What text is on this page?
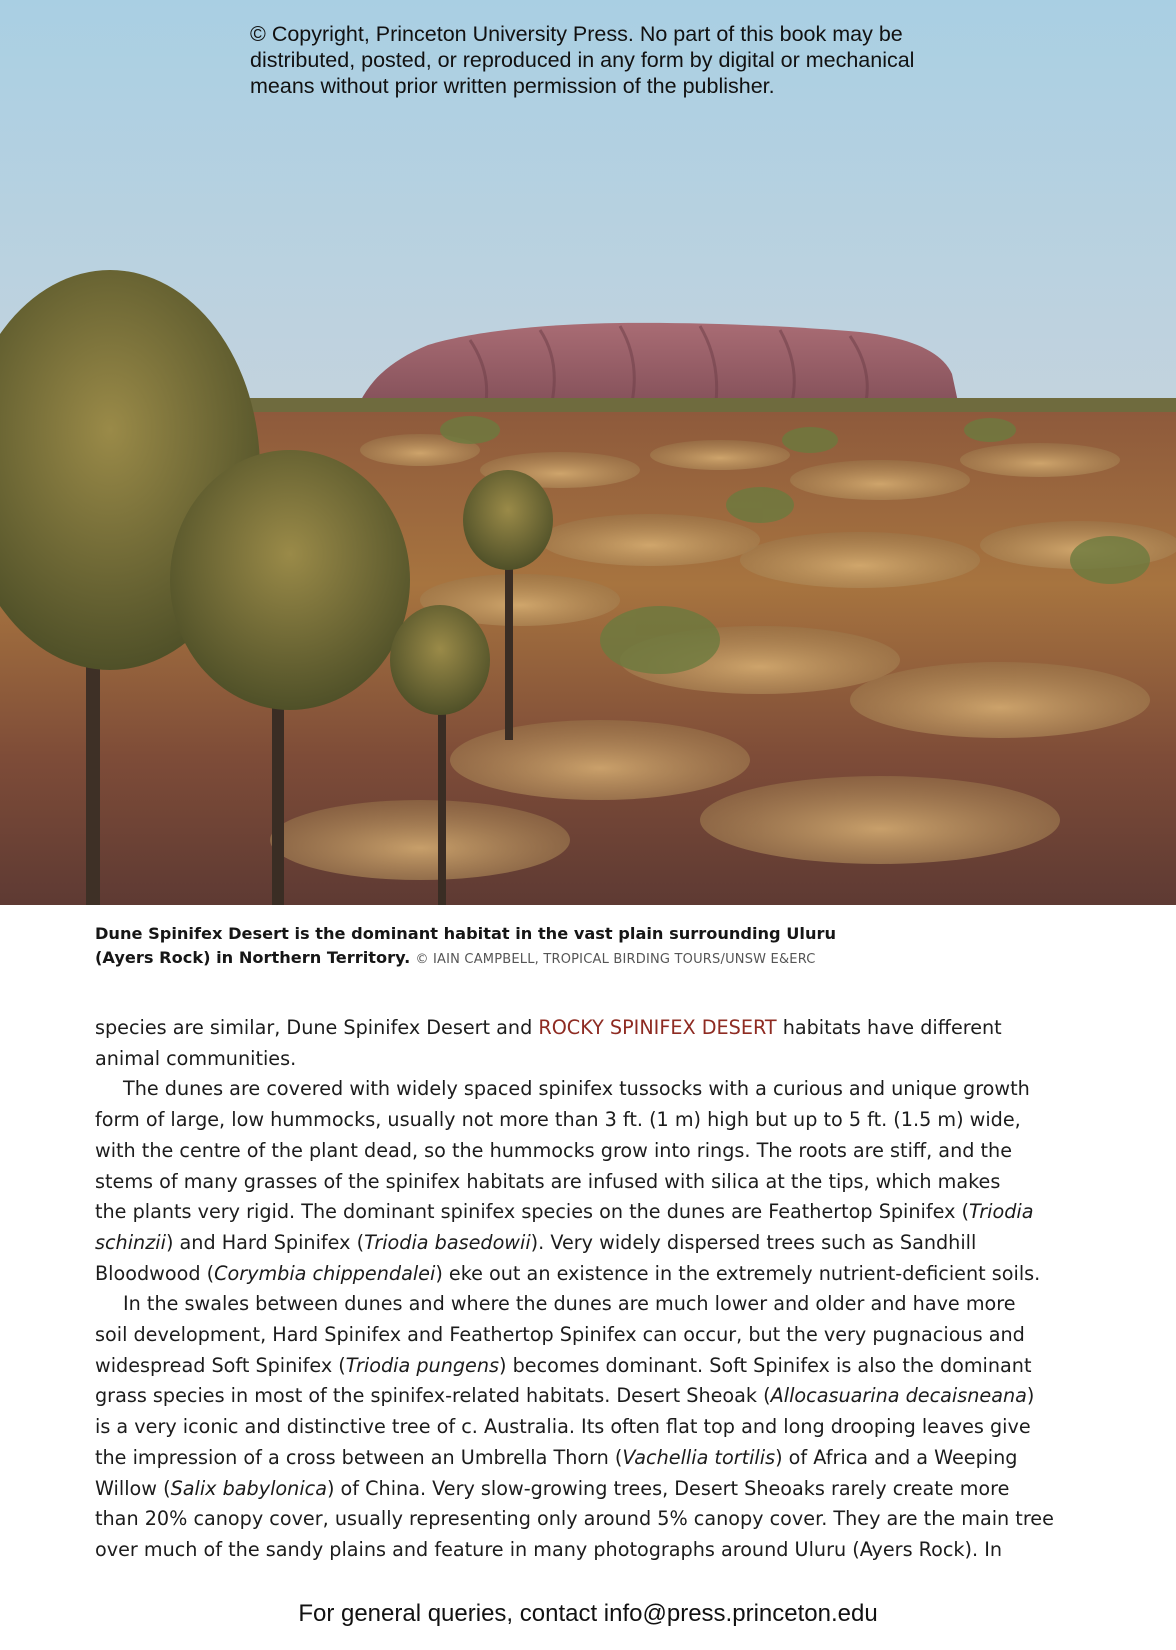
© Copyright, Princeton University Press. No part of this book may be
distributed, posted, or reproduced in any form by digital or mechanical
means without prior written permission of the publisher.

Dune Spinifex Desert is the dominant habitat in the vast plain surrounding Uluru
(Ayers Rock) in Northern Territory. © IAIN CAMPBELL, TROPICAL BIRDING TOURS/UNSW E&ERC

species are similar, Dune Spinifex Desert and ROCKY SPINIFEX DESERT habitats have different
animal communities.
The dunes are covered with widely spaced spinifex tussocks with a curious and unique growth
form of large, low hummocks, usually not more than 3 ft. (1 m) high but up to 5 ft. (1.5 m) wide,
with the centre of the plant dead, so the hummocks grow into rings. The roots are stiff, and the
stems of many grasses of the spinifex habitats are infused with silica at the tips, which makes
the plants very rigid. The dominant spinifex species on the dunes are Feathertop Spinifex (Triodia
schinzii) and Hard Spinifex (Triodia basedowii). Very widely dispersed trees such as Sandhill
Bloodwood (Corymbia chippendalei) eke out an existence in the extremely nutrient-deficient soils.
In the swales between dunes and where the dunes are much lower and older and have more
soil development, Hard Spinifex and Feathertop Spinifex can occur, but the very pugnacious and
widespread Soft Spinifex (Triodia pungens) becomes dominant. Soft Spinifex is also the dominant
grass species in most of the spinifex-related habitats. Desert Sheoak (Allocasuarina decaisneana)
is a very iconic and distinctive tree of c. Australia. Its often flat top and long drooping leaves give
the impression of a cross between an Umbrella Thorn (Vachellia tortilis) of Africa and a Weeping
Willow (Salix babylonica) of China. Very slow-growing trees, Desert Sheoaks rarely create more
than 20% canopy cover, usually representing only around 5% canopy cover. They are the main tree
over much of the sandy plains and feature in many photographs around Uluru (Ayers Rock). In

For general queries, contact info@press.princeton.edu
